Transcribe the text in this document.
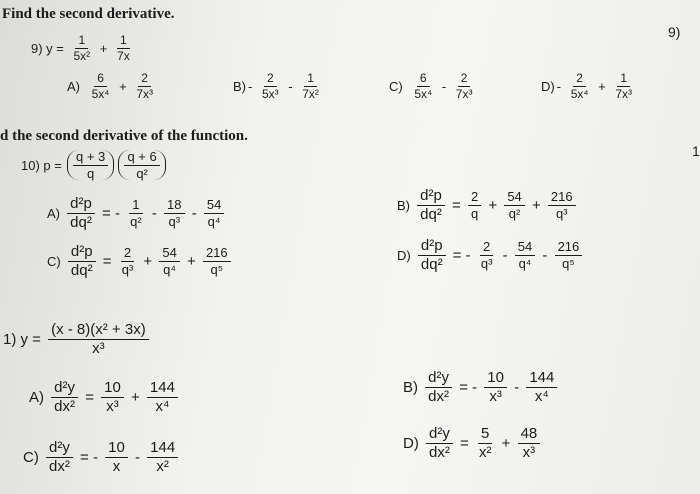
Find the second derivative.
9)
1
9) $y = \frac{1}{\text{5x²}} + \frac{1}{7x}$
$A) \frac{6}{\text{5x⁴}} + \frac{2}{\text{7x³}}$	$B) - \frac{2}{\text{5x³}} - \frac{1}{\text{7x²}}$	$C) \frac{6}{\text{5x⁴}} - \frac{2}{\text{7x³}}$	$D) - \frac{2}{\text{5x⁴}} + \frac{1}{\text{7x³}}$
d the second derivative of the function.
10) $p = \frac{q + 3}{q}$
$\frac{q + 6}{\text{q²}}$
$A) \frac{\text{d²p}}{\text{dq²}}$ = - $\frac{1}{\text{q²}} - \frac{18}{\text{q³}} - \frac{54}{\text{q⁴}}$	$B) \frac{\text{d²p}}{\text{dq²}} = \frac{2}{q} + \frac{54}{\text{q²}} + \frac{216}{\text{q³}}$
$C) \frac{\text{d²p}}{\text{dq²}} = \frac{2}{\text{q³}} + \frac{54}{\text{q⁴}} + \frac{216}{\text{q⁵}}$	$D) \frac{\text{d²p}}{\text{dq²}}$ = - $\frac{2}{\text{q³}} - \frac{54}{\text{q⁴}} - \frac{216}{\text{q⁵}}$
1) $y = \frac{\text{(x - 8)(x² + 3x)}}{\text{x³}}$
$A) \frac{\text{d²y}}{\text{dx²}} = \frac{10}{\text{x³}} + \frac{144}{\text{x⁴}}$	$B) \frac{\text{d²y}}{\text{dx²}}$ = - $\frac{10}{\text{x³}} - \frac{144}{\text{x⁴}}$
$C) \frac{\text{d²y}}{\text{dx²}}$ = - $\frac{10}{x} - \frac{144}{\text{x²}}$	$D) \frac{\text{d²y}}{\text{dx²}} = \frac{5}{\text{x²}} + \frac{48}{\text{x³}}$
